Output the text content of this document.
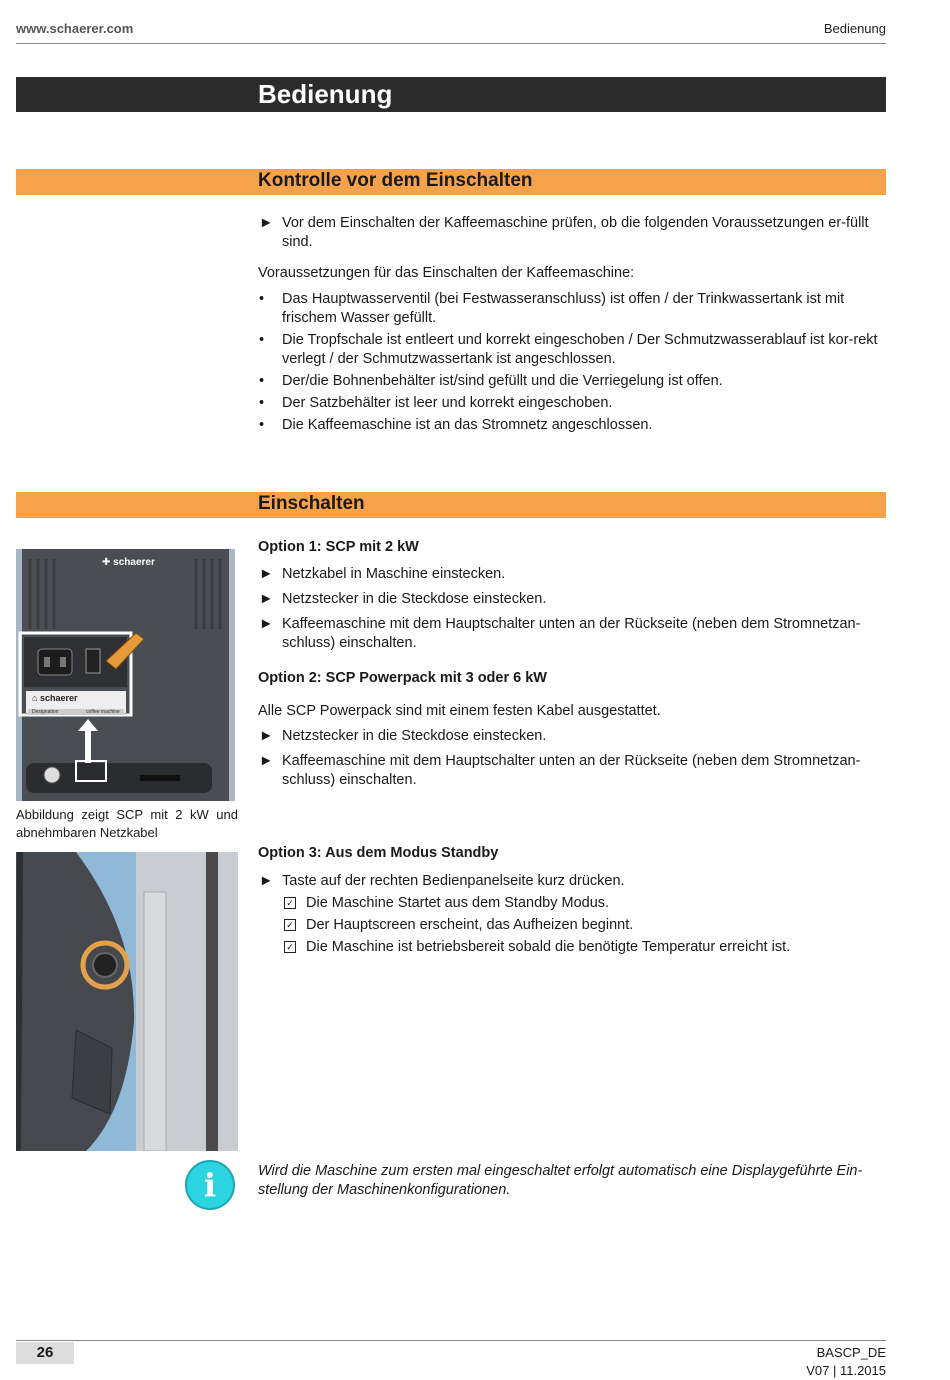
www.schaerer.com	Bedienung
Bedienung
Kontrolle vor dem Einschalten
► Vor dem Einschalten der Kaffeemaschine prüfen, ob die folgenden Voraussetzungen er-füllt sind.
Voraussetzungen für das Einschalten der Kaffeemaschine:
• Das Hauptwasserventil (bei Festwasseranschluss) ist offen / der Trinkwassertank ist mit frischem Wasser gefüllt.
• Die Tropfschale ist entleert und korrekt eingeschoben / Der Schmutzwasserablauf ist kor-rekt verlegt / der Schmutzwassertank ist angeschlossen.
• Der/die Bohnenbehälter ist/sind gefüllt und die Verriegelung ist offen.
• Der Satzbehälter ist leer und korrekt eingeschoben.
• Die Kaffeemaschine ist an das Stromnetz angeschlossen.
Einschalten
✚ schaerer
⌂ schaerer
Designation	coffee machine
Abbildung zeigt SCP mit 2 kW und abnehmbaren Netzkabel
Option 1: SCP mit 2 kW
► Netzkabel in Maschine einstecken.
► Netzstecker in die Steckdose einstecken.
► Kaffeemaschine mit dem Hauptschalter unten an der Rückseite (neben dem Stromnetzan-schluss) einschalten.
Option 2: SCP Powerpack mit 3 oder 6 kW
Alle SCP Powerpack sind mit einem festen Kabel ausgestattet.
► Netzstecker in die Steckdose einstecken.
► Kaffeemaschine mit dem Hauptschalter unten an der Rückseite (neben dem Stromnetzan-schluss) einschalten.
Option 3: Aus dem Modus Standby
► Taste auf der rechten Bedienpanelseite kurz drücken.
✓ Die Maschine Startet aus dem Standby Modus.
✓ Der Hauptscreen erscheint, das Aufheizen beginnt.
✓ Die Maschine ist betriebsbereit sobald die benötigte Temperatur erreicht ist.
i	Wird die Maschine zum ersten mal eingeschaltet erfolgt automatisch eine Displaygeführte Ein-stellung der Maschinenkonfigurationen.
26	BASCP_DE
V07 | 11.2015
